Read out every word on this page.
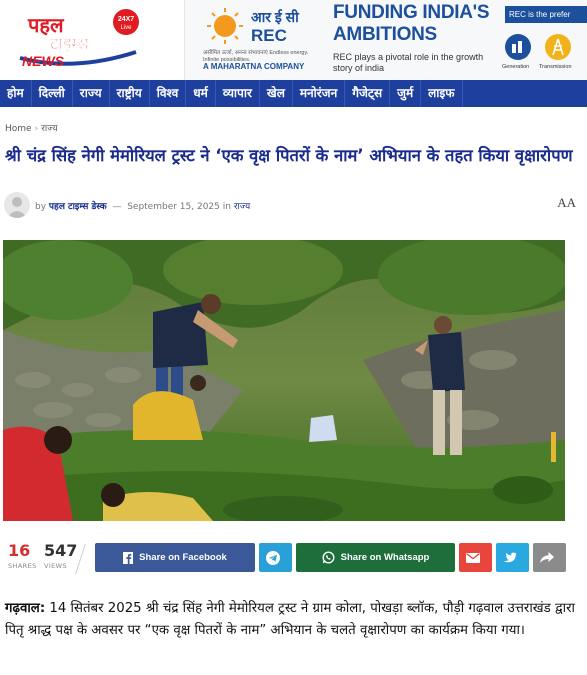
पहल
टाइम्स
NEWS
24X7
Live
आर ई सी
REC
असीमित ऊर्जा, अनन्त संभावनाएं Endless energy. Infinite possibilities.
A MAHARATNA COMPANY
FUNDING INDIA'S AMBITIONS
REC plays a pivotal role in the growth story of india
REC is the prefer
Generation Transmission
होम	दिल्ली	राज्य	राष्ट्रीय	विश्व	धर्म	व्यापार	खेल	मनोरंजन	गैजेट्स	जुर्म	लाइफ
Home › राज्य
श्री चंद्र सिंह नेगी मेमोरियल ट्रस्ट ने ‘एक वृक्ष पितरों के नाम’ अभियान के तहत किया वृक्षारोपण
by पहल टाइम्स डेस्क — September 15, 2025 in राज्य	AA
16
SHARES
547
VIEWS
Share on Facebook	Share on Whatsapp

गढ़वाल: 14 सितंबर 2025 श्री चंद्र सिंह नेगी मेमोरियल ट्रस्ट ने ग्राम कोला, पोखड़ा ब्लॉक, पौड़ी गढ़वाल उत्तराखंड द्वारा पितृ श्राद्ध पक्ष के अवसर पर “एक वृक्ष पितरों के नाम” अभियान के चलते वृक्षारोपण का कार्यक्रम किया गया।
